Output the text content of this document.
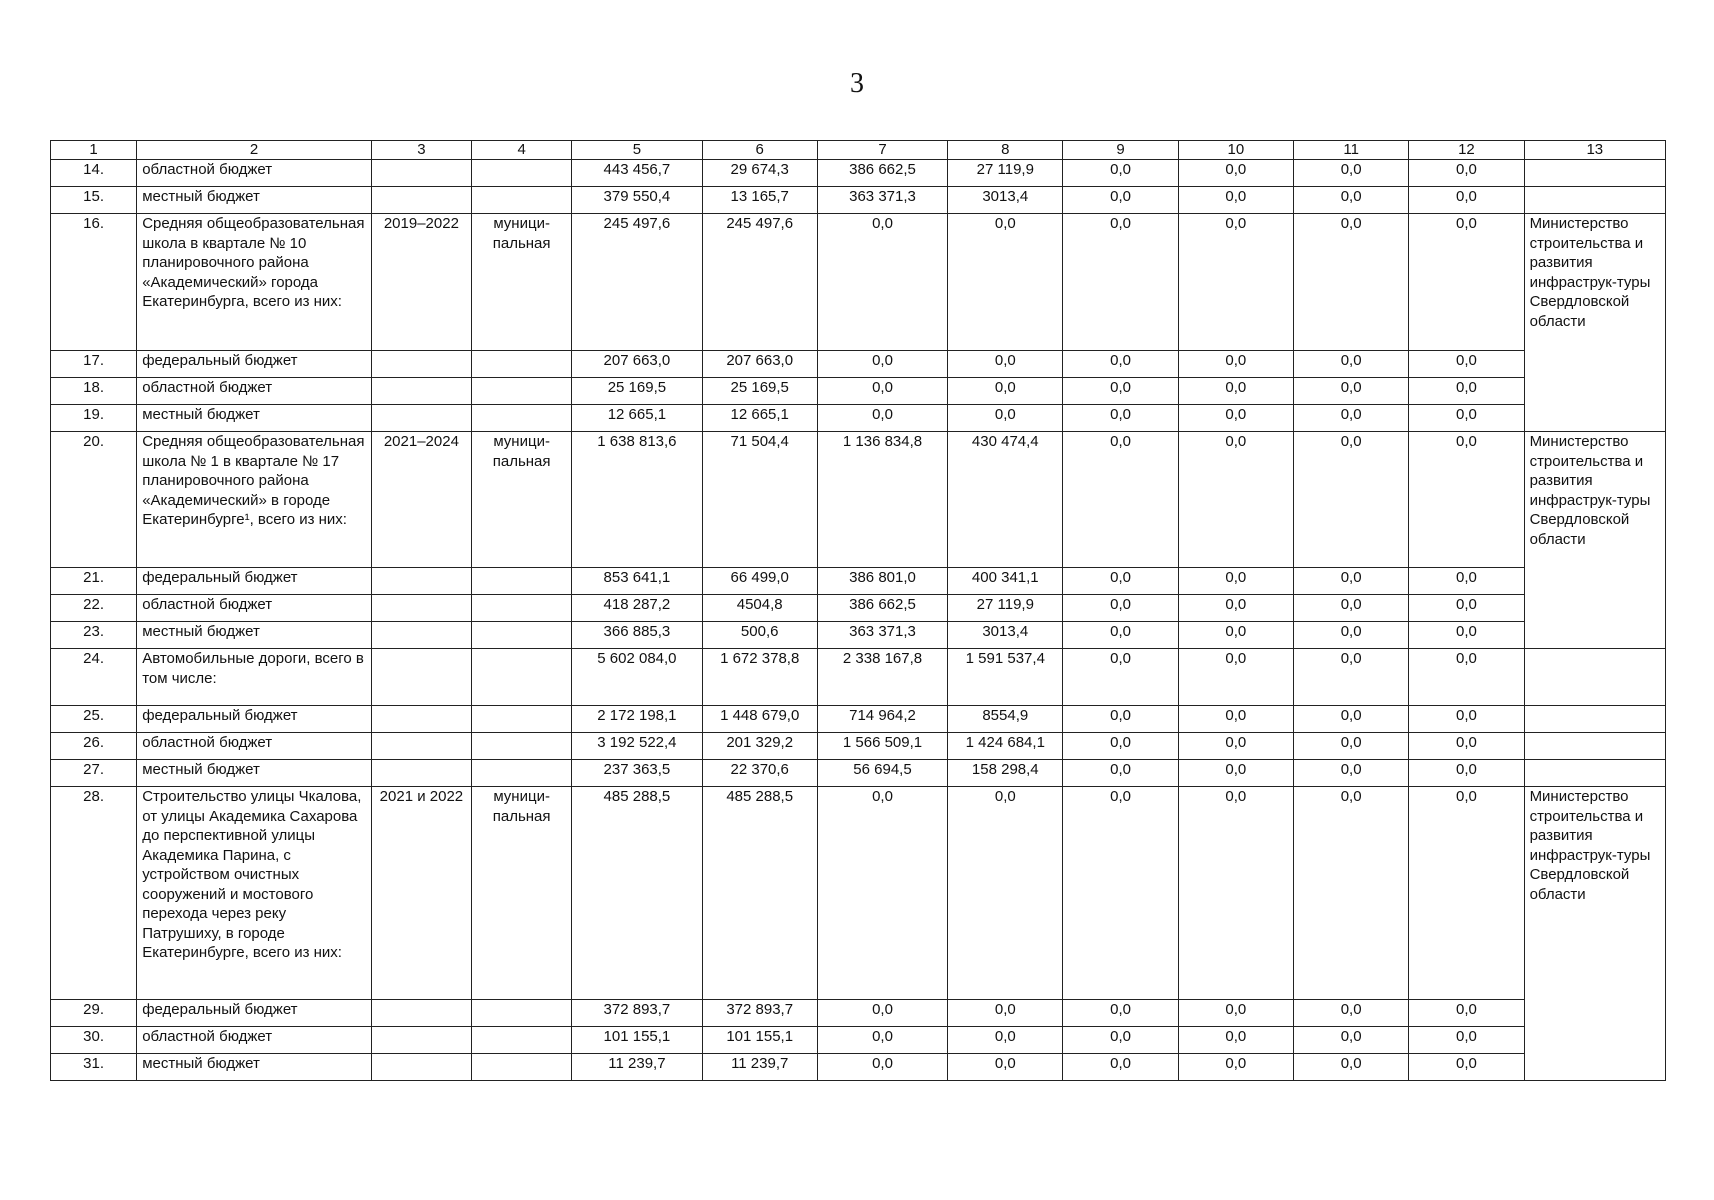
3
1	2	3	4	5	6	7	8	9	10	11	12	13
14.	областной бюджет			443 456,7	29 674,3	386 662,5	27 119,9	0,0	0,0	0,0	0,0	
15.	местный бюджет			379 550,4	13 165,7	363 371,3	3013,4	0,0	0,0	0,0	0,0	
16.	Средняя общеобразовательная школа в квартале № 10 планировочного района «Академический» города Екатеринбурга, всего из них:	2019–2022	муници-пальная	245 497,6	245 497,6	0,0	0,0	0,0	0,0	0,0	0,0	Министерство строительства и развития инфраструк-туры Свердловской области
17.	федеральный бюджет			207 663,0	207 663,0	0,0	0,0	0,0	0,0	0,0	0,0	
18.	областной бюджет			25 169,5	25 169,5	0,0	0,0	0,0	0,0	0,0	0,0	
19.	местный бюджет			12 665,1	12 665,1	0,0	0,0	0,0	0,0	0,0	0,0	
20.	Средняя общеобразовательная школа № 1 в квартале № 17 планировочного района «Академический» в городе Екатеринбурге¹, всего из них:	2021–2024	муници-пальная	1 638 813,6	71 504,4	1 136 834,8	430 474,4	0,0	0,0	0,0	0,0	Министерство строительства и развития инфраструк-туры Свердловской области
21.	федеральный бюджет			853 641,1	66 499,0	386 801,0	400 341,1	0,0	0,0	0,0	0,0	
22.	областной бюджет			418 287,2	4504,8	386 662,5	27 119,9	0,0	0,0	0,0	0,0	
23.	местный бюджет			366 885,3	500,6	363 371,3	3013,4	0,0	0,0	0,0	0,0	
24.	Автомобильные дороги, всего в том числе:			5 602 084,0	1 672 378,8	2 338 167,8	1 591 537,4	0,0	0,0	0,0	0,0	
25.	федеральный бюджет			2 172 198,1	1 448 679,0	714 964,2	8554,9	0,0	0,0	0,0	0,0	
26.	областной бюджет			3 192 522,4	201 329,2	1 566 509,1	1 424 684,1	0,0	0,0	0,0	0,0	
27.	местный бюджет			237 363,5	22 370,6	56 694,5	158 298,4	0,0	0,0	0,0	0,0	
28.	Строительство улицы Чкалова, от улицы Академика Сахарова до перспективной улицы Академика Парина, с устройством очистных сооружений и мостового перехода через реку Патрушиху, в городе Екатеринбурге, всего из них:	2021 и 2022	муници-пальная	485 288,5	485 288,5	0,0	0,0	0,0	0,0	0,0	0,0	Министерство строительства и развития инфраструк-туры Свердловской области
29.	федеральный бюджет			372 893,7	372 893,7	0,0	0,0	0,0	0,0	0,0	0,0	
30.	областной бюджет			101 155,1	101 155,1	0,0	0,0	0,0	0,0	0,0	0,0	
31.	местный бюджет			11 239,7	11 239,7	0,0	0,0	0,0	0,0	0,0	0,0	
